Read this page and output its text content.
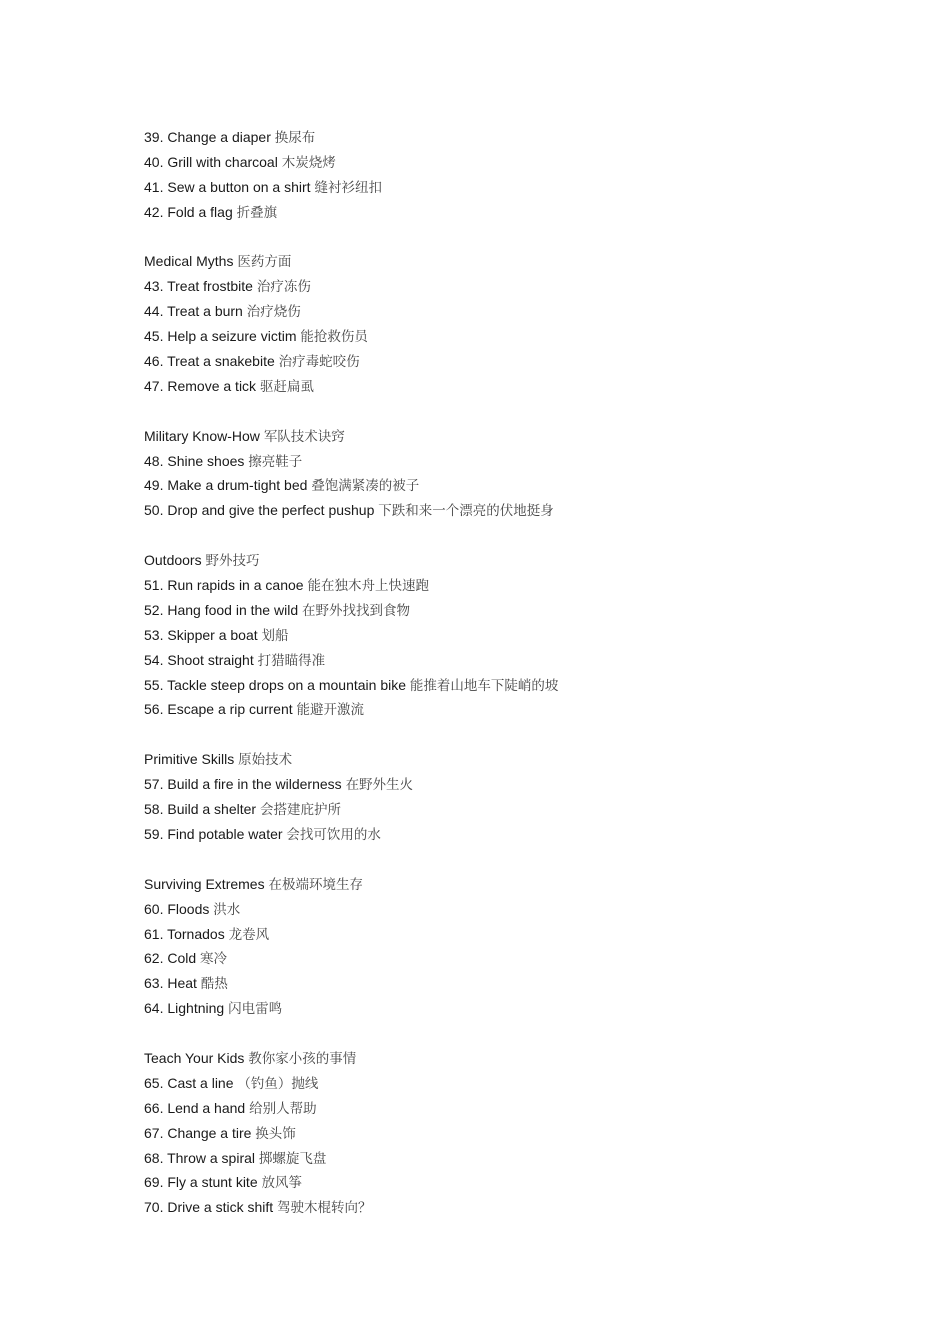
39. Change a diaper 换尿布
40. Grill with charcoal 木炭烧烤
41. Sew a button on a shirt 缝衬衫纽扣
42. Fold a flag 折叠旗
Medical Myths 医药方面
43. Treat frostbite 治疗冻伤
44. Treat a burn 治疗烧伤
45. Help a seizure victim 能抢救伤员
46. Treat a snakebite 治疗毒蛇咬伤
47. Remove a tick 驱赶扁虱
Military Know-How 军队技术诀窍
48. Shine shoes 擦亮鞋子
49. Make a drum-tight bed 叠饱满紧凑的被子
50. Drop and give the perfect pushup 下跌和来一个漂亮的伏地挺身
Outdoors 野外技巧
51. Run rapids in a canoe 能在独木舟上快速跑
52. Hang food in the wild 在野外找找到食物
53. Skipper a boat 划船
54. Shoot straight 打猎瞄得准
55. Tackle steep drops on a mountain bike 能推着山地车下陡峭的坡
56. Escape a rip current 能避开激流
Primitive Skills 原始技术
57. Build a fire in the wilderness 在野外生火
58. Build a shelter 会搭建庇护所
59. Find potable water 会找可饮用的水
Surviving Extremes 在极端环境生存
60. Floods 洪水
61. Tornados 龙卷风
62. Cold 寒冷
63. Heat 酷热
64. Lightning 闪电雷鸣
Teach Your Kids 教你家小孩的事情
65. Cast a line （钓鱼）抛线
66. Lend a hand 给别人帮助
67. Change a tire 换头饰
68. Throw a spiral 掷螺旋飞盘
69. Fly a stunt kite 放风筝
70. Drive a stick shift 驾驶木棍转向？
